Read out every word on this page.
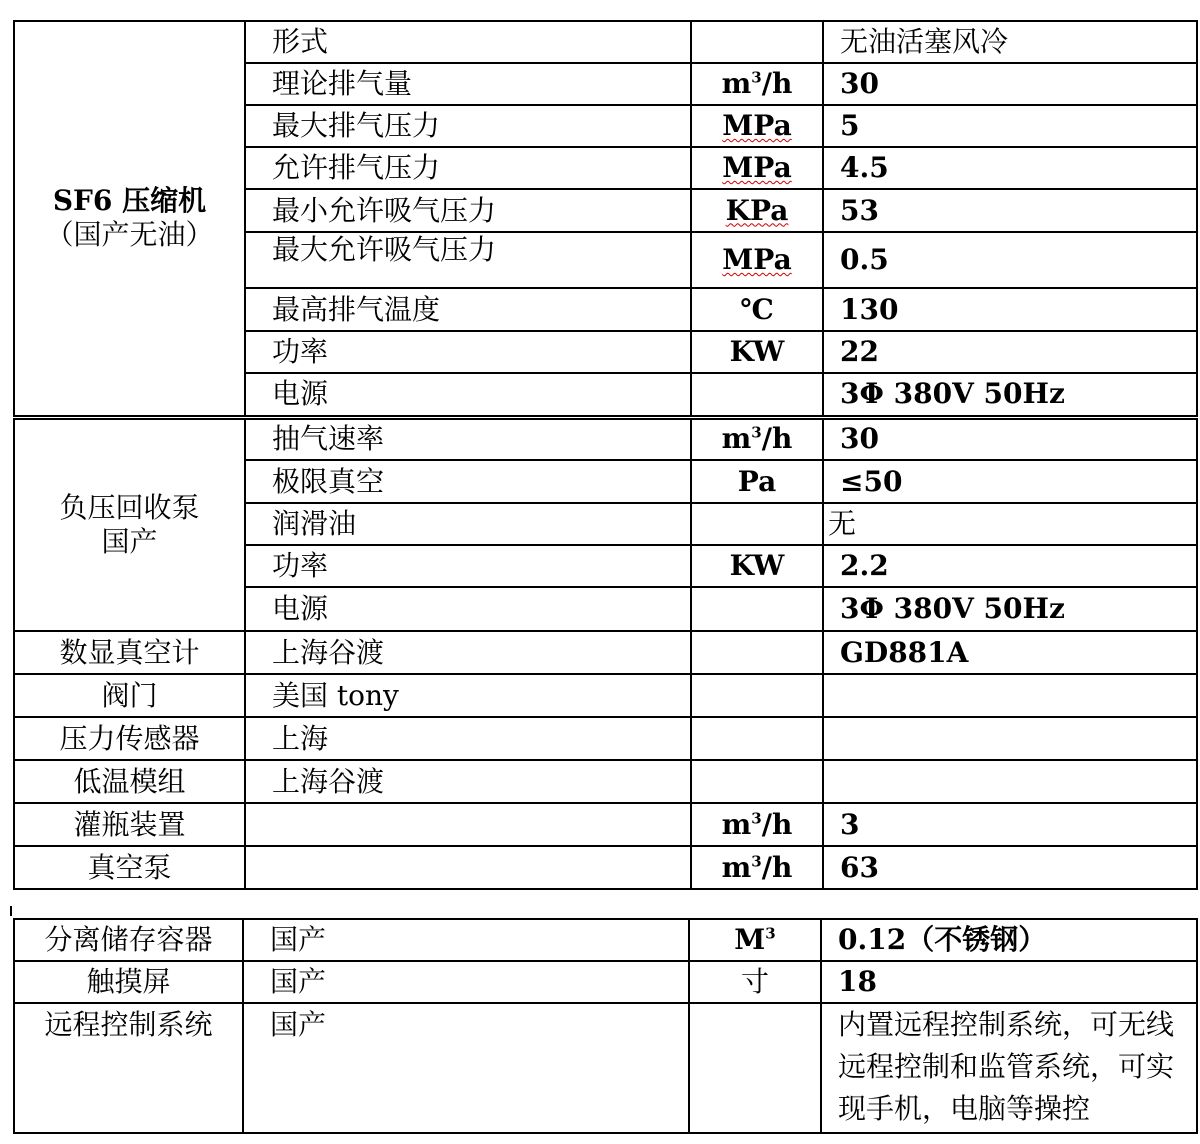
SF6 压缩机
（国产无油）	形式		无油活塞风冷
	理论排气量	$m^3/h$	30
	最大排气压力	MPa	5
	允许排气压力	MPa	4.5
	最小允许吸气压力	KPa	53
	最大允许吸气压力	MPa	0.5
	最高排气温度	℃	130
	功率	KW	22
	电源		3Φ 380V 50Hz
负压回收泵
国产	抽气速率	$m^3/h$	30
	极限真空	Pa	≤50
	润滑油		无
	功率	KW	2.2
	电源		3Φ 380V 50Hz
数显真空计	上海谷渡		GD881A
阀门	美国 tony		
压力传感器	上海		
低温模组	上海谷渡		
灌瓶装置		$m^3/h$	3
真空泵		$m^3/h$	63
分离储存容器	国产	$M^3$	0.12（不锈钢）
触摸屏	国产	寸	18
远程控制系统	国产		内置远程控制系统，可无线远程控制和监管系统，可实现手机，电脑等操控
